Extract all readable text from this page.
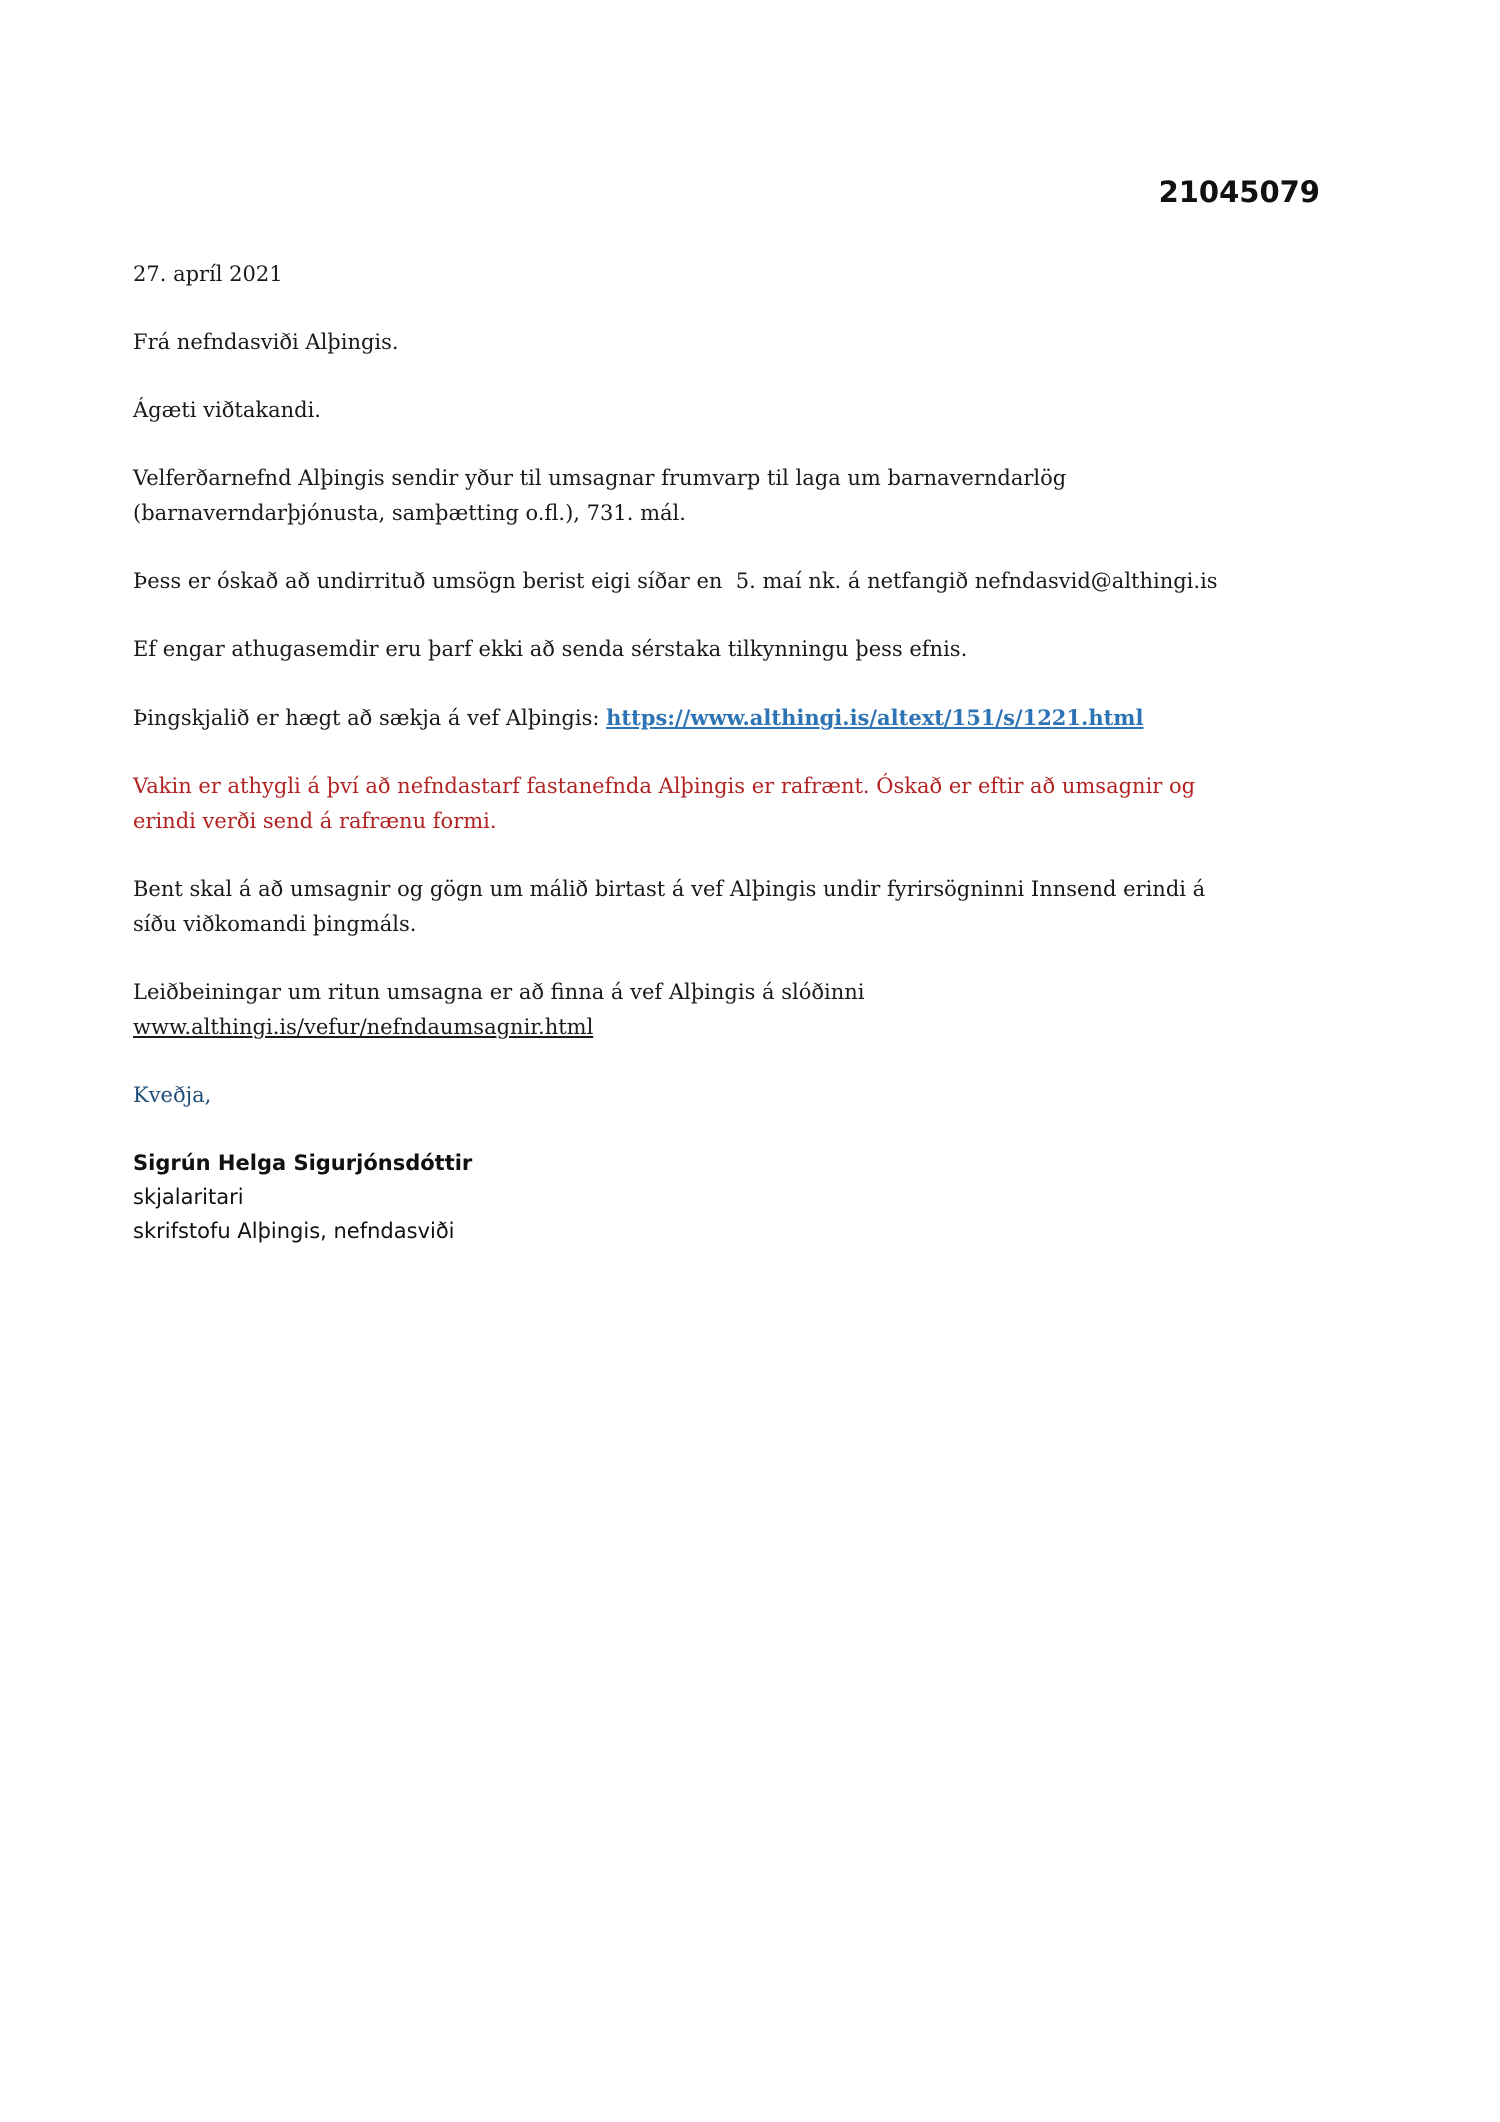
21045079

27. apríl 2021

Frá nefndasviði Alþingis.

Ágæti viðtakandi.

Velferðarnefnd Alþingis sendir yður til umsagnar frumvarp til laga um barnaverndarlög
(barnaverndarþjónusta, samþætting o.fl.), 731. mál.

Þess er óskað að undirrituð umsögn berist eigi síðar en  5. maí nk. á netfangið nefndasvid@althingi.is

Ef engar athugasemdir eru þarf ekki að senda sérstaka tilkynningu þess efnis.

Þingskjalið er hægt að sækja á vef Alþingis: https://www.althingi.is/altext/151/s/1221.html

Vakin er athygli á því að nefndastarf fastanefnda Alþingis er rafrænt. Óskað er eftir að umsagnir og
erindi verði send á rafrænu formi.

Bent skal á að umsagnir og gögn um málið birtast á vef Alþingis undir fyrirsögninni Innsend erindi á
síðu viðkomandi þingmáls.

Leiðbeiningar um ritun umsagna er að finna á vef Alþingis á slóðinni
www.althingi.is/vefur/nefndaumsagnir.html

Kveðja,

Sigrún Helga Sigurjónsdóttir
skjalaritari
skrifstofu Alþingis, nefndasviði
